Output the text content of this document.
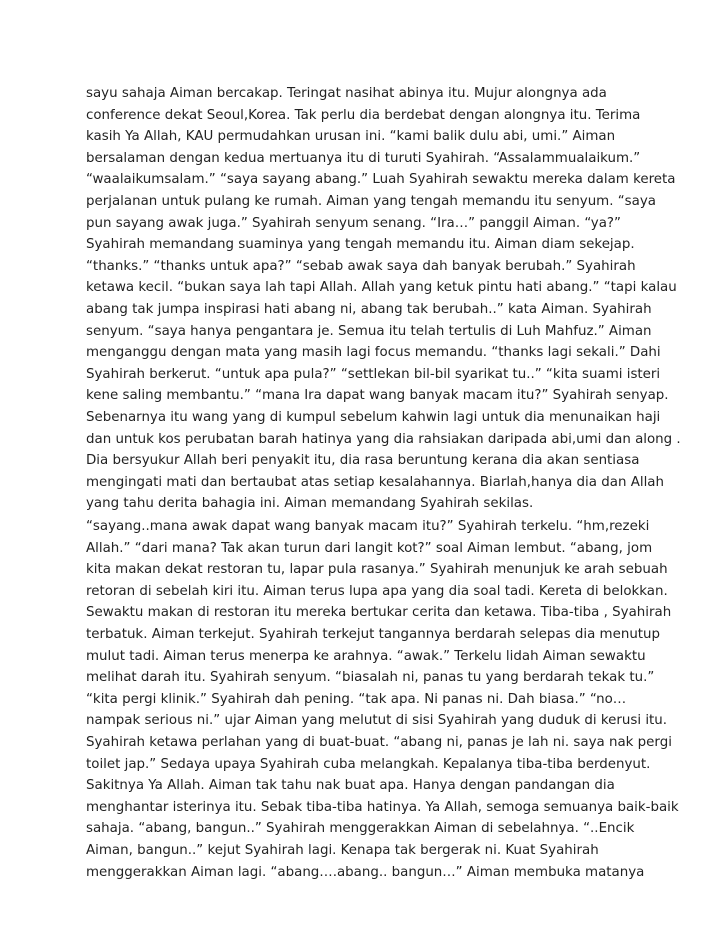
sayu sahaja Aiman bercakap. Teringat nasihat abinya itu. Mujur alongnya ada
conference dekat Seoul,Korea. Tak perlu dia berdebat dengan alongnya itu. Terima
kasih Ya Allah, KAU permudahkan urusan ini. “kami balik dulu abi, umi.” Aiman
bersalaman dengan kedua mertuanya itu di turuti Syahirah. “Assalammualaikum.”
“waalaikumsalam.” “saya sayang abang.” Luah Syahirah sewaktu mereka dalam kereta
perjalanan untuk pulang ke rumah. Aiman yang tengah memandu itu senyum. “saya
pun sayang awak juga.” Syahirah senyum senang. “Ira…” panggil Aiman. “ya?”
Syahirah memandang suaminya yang tengah memandu itu. Aiman diam sekejap.
“thanks.” “thanks untuk apa?” “sebab awak saya dah banyak berubah.” Syahirah
ketawa kecil. “bukan saya lah tapi Allah. Allah yang ketuk pintu hati abang.” “tapi kalau
abang tak jumpa inspirasi hati abang ni, abang tak berubah..” kata Aiman. Syahirah
senyum. “saya hanya pengantara je. Semua itu telah tertulis di Luh Mahfuz.” Aiman
menganggu dengan mata yang masih lagi focus memandu. “thanks lagi sekali.” Dahi
Syahirah berkerut. “untuk apa pula?” “settlekan bil-bil syarikat tu..” “kita suami isteri
kene saling membantu.” “mana Ira dapat wang banyak macam itu?” Syahirah senyap.
Sebenarnya itu wang yang di kumpul sebelum kahwin lagi untuk dia menunaikan haji
dan untuk kos perubatan barah hatinya yang dia rahsiakan daripada abi,umi dan along .
Dia bersyukur Allah beri penyakit itu, dia rasa beruntung kerana dia akan sentiasa
mengingati mati dan bertaubat atas setiap kesalahannya. Biarlah,hanya dia dan Allah
yang tahu derita bahagia ini. Aiman memandang Syahirah sekilas.

“sayang..mana awak dapat wang banyak macam itu?” Syahirah terkelu. “hm,rezeki
Allah.” “dari mana? Tak akan turun dari langit kot?” soal Aiman lembut. “abang, jom
kita makan dekat restoran tu, lapar pula rasanya.” Syahirah menunjuk ke arah sebuah
retoran di sebelah kiri itu. Aiman terus lupa apa yang dia soal tadi. Kereta di belokkan.
Sewaktu makan di restoran itu mereka bertukar cerita dan ketawa. Tiba-tiba , Syahirah
terbatuk. Aiman terkejut. Syahirah terkejut tangannya berdarah selepas dia menutup
mulut tadi. Aiman terus menerpa ke arahnya. “awak.” Terkelu lidah Aiman sewaktu
melihat darah itu. Syahirah senyum. “biasalah ni, panas tu yang berdarah tekak tu.”
“kita pergi klinik.” Syahirah dah pening. “tak apa. Ni panas ni. Dah biasa.” “no…
nampak serious ni.” ujar Aiman yang melutut di sisi Syahirah yang duduk di kerusi itu.
Syahirah ketawa perlahan yang di buat-buat. “abang ni, panas je lah ni. saya nak pergi
toilet jap.” Sedaya upaya Syahirah cuba melangkah. Kepalanya tiba-tiba berdenyut.
Sakitnya Ya Allah. Aiman tak tahu nak buat apa. Hanya dengan pandangan dia
menghantar isterinya itu. Sebak tiba-tiba hatinya. Ya Allah, semoga semuanya baik-baik
sahaja. “abang, bangun..” Syahirah menggerakkan Aiman di sebelahnya. “..Encik
Aiman, bangun..” kejut Syahirah lagi. Kenapa tak bergerak ni. Kuat Syahirah
menggerakkan Aiman lagi. “abang….abang.. bangun…” Aiman membuka matanya
